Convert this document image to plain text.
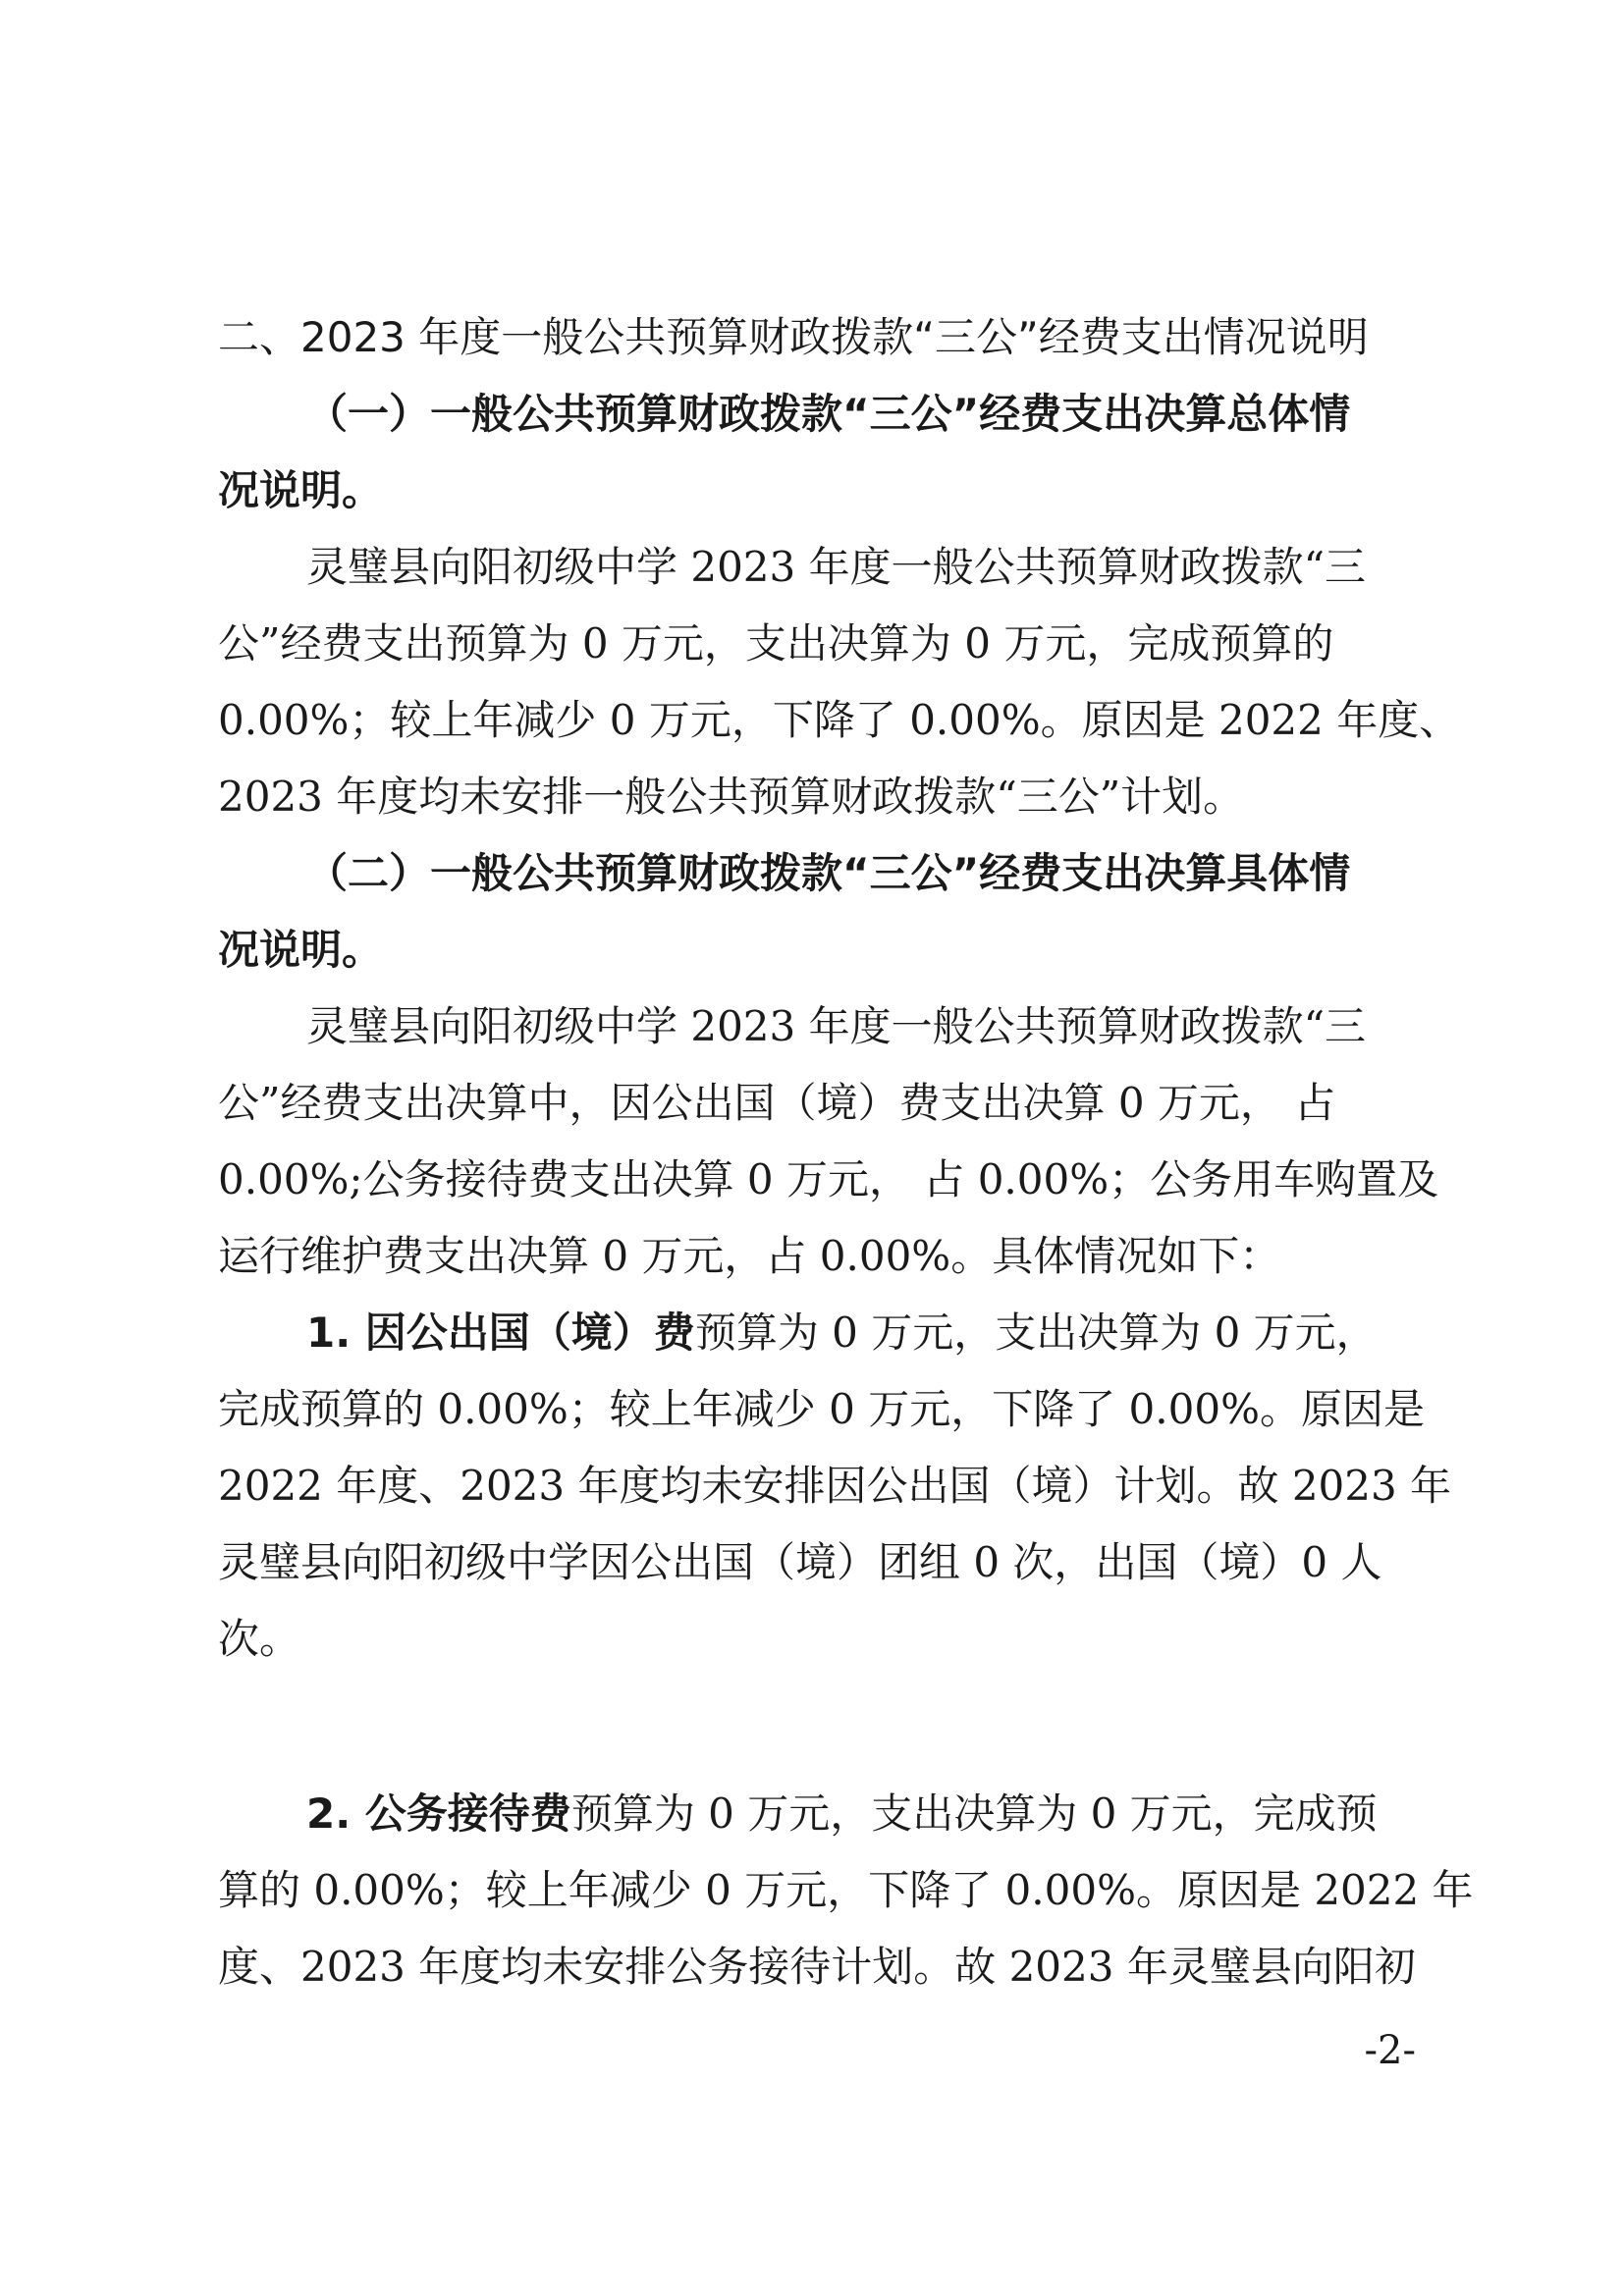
二、2023 年度一般公共预算财政拨款“三公”经费支出情况说明
（一）一般公共预算财政拨款“三公”经费支出决算总体情
况说明。
灵璧县向阳初级中学 2023 年度一般公共预算财政拨款“三
公”经费支出预算为 0 万元，支出决算为 0 万元，完成预算的
0.00%；较上年减少 0 万元，下降了 0.00%。原因是 2022 年度、
2023 年度均未安排一般公共预算财政拨款“三公”计划。
（二）一般公共预算财政拨款“三公”经费支出决算具体情
况说明。
灵璧县向阳初级中学 2023 年度一般公共预算财政拨款“三
公”经费支出决算中，因公出国（境）费支出决算 0 万元， 占
0.00%;公务接待费支出决算 0 万元， 占 0.00%；公务用车购置及
运行维护费支出决算 0 万元，占 0.00%。具体情况如下：
1. 因公出国（境）费预算为 0 万元，支出决算为 0 万元，
完成预算的 0.00%；较上年减少 0 万元，下降了 0.00%。原因是
2022 年度、2023 年度均未安排因公出国（境）计划。故 2023 年
灵璧县向阳初级中学因公出国（境）团组 0 次，出国（境）0 人
次。
2. 公务接待费预算为 0 万元，支出决算为 0 万元，完成预
算的 0.00%；较上年减少 0 万元，下降了 0.00%。原因是 2022 年
度、2023 年度均未安排公务接待计划。故 2023 年灵璧县向阳初
-2-
